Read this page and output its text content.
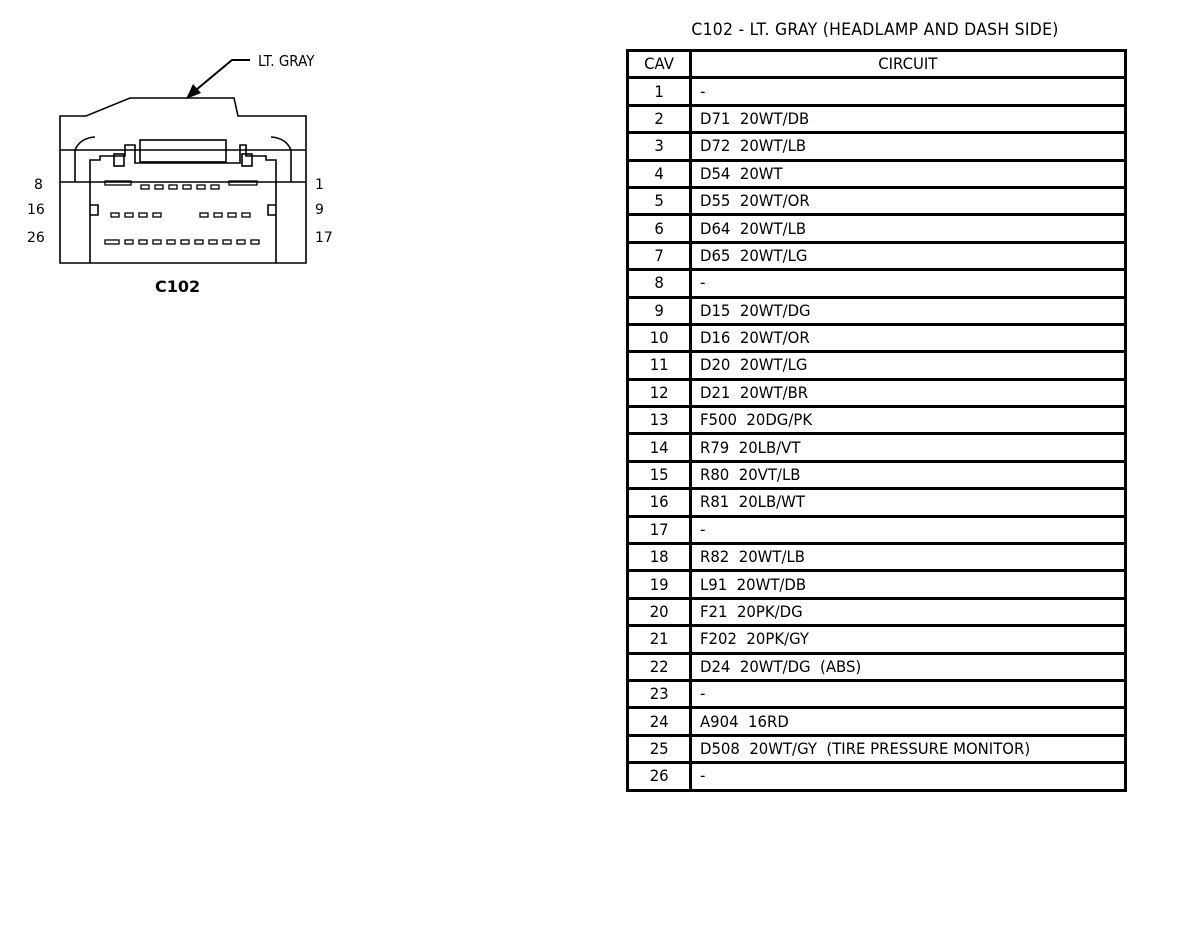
LT. GRAY
8
16
26
1
9
17
C102
C102 - LT. GRAY (HEADLAMP AND DASH SIDE)
CAV	CIRCUIT
1	-
2	D71  20WT/DB
3	D72  20WT/LB
4	D54  20WT
5	D55  20WT/OR
6	D64  20WT/LB
7	D65  20WT/LG
8	-
9	D15  20WT/DG
10	D16  20WT/OR
11	D20  20WT/LG
12	D21  20WT/BR
13	F500  20DG/PK
14	R79  20LB/VT
15	R80  20VT/LB
16	R81  20LB/WT
17	-
18	R82  20WT/LB
19	L91  20WT/DB
20	F21  20PK/DG
21	F202  20PK/GY
22	D24  20WT/DG  (ABS)
23	-
24	A904  16RD
25	D508  20WT/GY  (TIRE PRESSURE MONITOR)
26	-
